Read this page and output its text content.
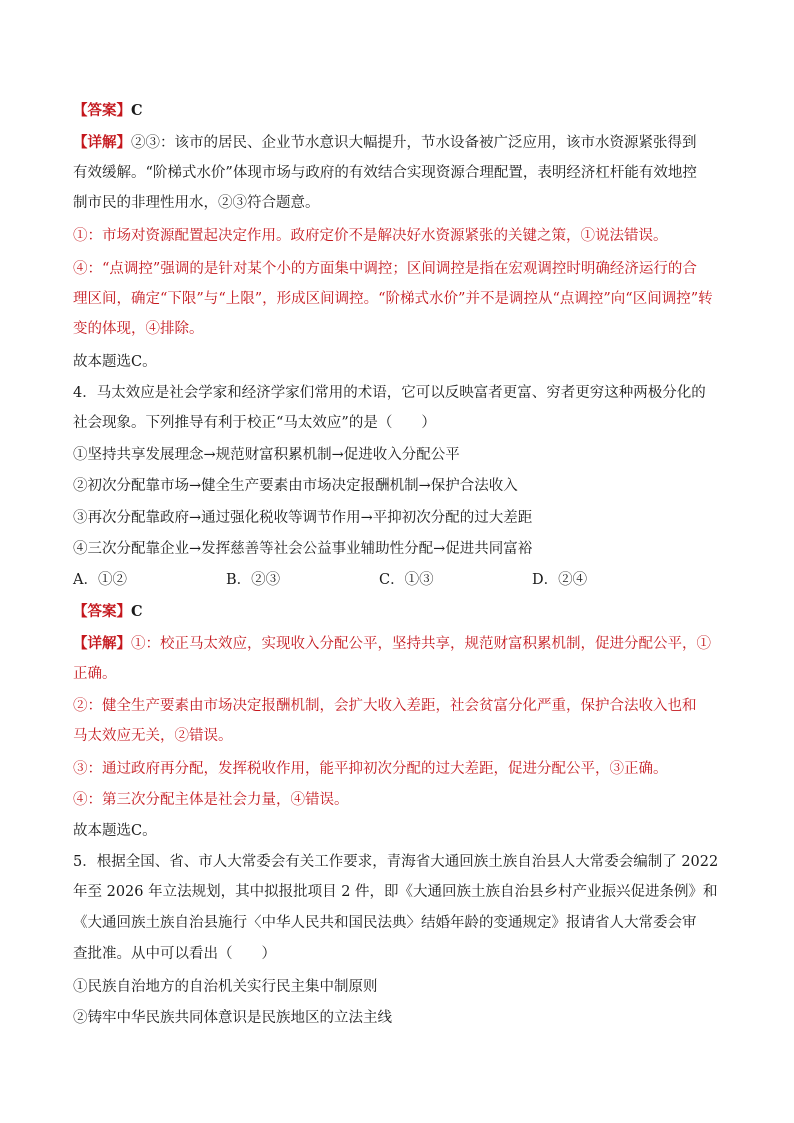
【答案】C
【详解】②③：该市的居民、企业节水意识大幅提升，节水设备被广泛应用，该市水资源紧张得到
有效缓解。“阶梯式水价”体现市场与政府的有效结合实现资源合理配置，表明经济杠杆能有效地控
制市民的非理性用水，②③符合题意。
①：市场对资源配置起决定作用。政府定价不是解决好水资源紧张的关键之策，①说法错误。
④：“点调控”强调的是针对某个小的方面集中调控；区间调控是指在宏观调控时明确经济运行的合
理区间，确定“下限”与“上限”，形成区间调控。“阶梯式水价”并不是调控从“点调控”向“区间调控”转
变的体现，④排除。
故本题选C。
4．马太效应是社会学家和经济学家们常用的术语，它可以反映富者更富、穷者更穷这种两极分化的
社会现象。下列推导有利于校正“马太效应”的是（　　）
①坚持共享发展理念→规范财富积累机制→促进收入分配公平
②初次分配靠市场→健全生产要素由市场决定报酬机制→保护合法收入
③再次分配靠政府→通过强化税收等调节作用→平抑初次分配的过大差距
④三次分配靠企业→发挥慈善等社会公益事业辅助性分配→促进共同富裕
A．①②	B．②③	C．①③	D．②④
【答案】C
【详解】①：校正马太效应，实现收入分配公平，坚持共享，规范财富积累机制，促进分配公平，①
正确。
②：健全生产要素由市场决定报酬机制，会扩大收入差距，社会贫富分化严重，保护合法收入也和
马太效应无关，②错误。
③：通过政府再分配，发挥税收作用，能平抑初次分配的过大差距，促进分配公平，③正确。
④：第三次分配主体是社会力量，④错误。
故本题选C。
5．根据全国、省、市人大常委会有关工作要求，青海省大通回族土族自治县人大常委会编制了 2022
年至 2026 年立法规划，其中拟报批项目 2 件，即《大通回族土族自治县乡村产业振兴促进条例》和
《大通回族土族自治县施行〈中华人民共和国民法典〉结婚年龄的变通规定》报请省人大常委会审
查批准。从中可以看出（　　）
①民族自治地方的自治机关实行民主集中制原则
②铸牢中华民族共同体意识是民族地区的立法主线
